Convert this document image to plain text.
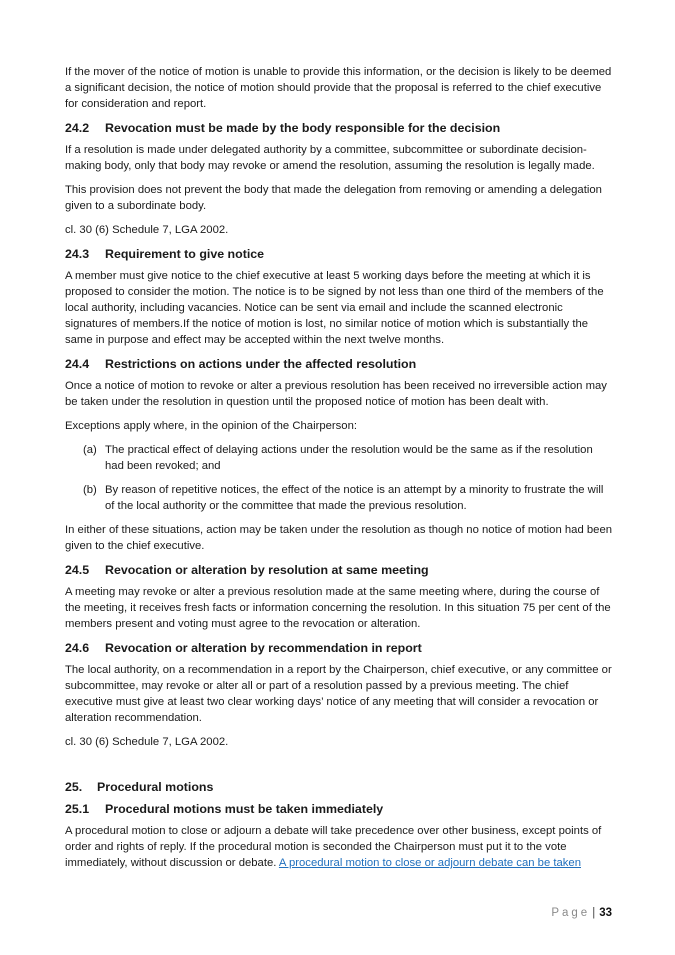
If the mover of the notice of motion is unable to provide this information, or the decision is likely to be deemed a significant decision, the notice of motion should provide that the proposal is referred to the chief executive for consideration and report.

24.2	Revocation must be made by the body responsible for the decision

If a resolution is made under delegated authority by a committee, subcommittee or subordinate decision-making body, only that body may revoke or amend the resolution, assuming the resolution is legally made.

This provision does not prevent the body that made the delegation from removing or amending a delegation given to a subordinate body.

cl. 30 (6) Schedule 7, LGA 2002.

24.3	Requirement to give notice

A member must give notice to the chief executive at least 5 working days before the meeting at which it is proposed to consider the motion. The notice is to be signed by not less than one third of the members of the local authority, including vacancies. Notice can be sent via email and include the scanned electronic signatures of members.If the notice of motion is lost, no similar notice of motion which is substantially the same in purpose and effect may be accepted within the next twelve months.

24.4	Restrictions on actions under the affected resolution

Once a notice of motion to revoke or alter a previous resolution has been received no irreversible action may be taken under the resolution in question until the proposed notice of motion has been dealt with.

Exceptions apply where, in the opinion of the Chairperson:

(a) The practical effect of delaying actions under the resolution would be the same as if the resolution had been revoked; and
(b) By reason of repetitive notices, the effect of the notice is an attempt by a minority to frustrate the will of the local authority or the committee that made the previous resolution.

In either of these situations, action may be taken under the resolution as though no notice of motion had been given to the chief executive.

24.5	Revocation or alteration by resolution at same meeting

A meeting may revoke or alter a previous resolution made at the same meeting where, during the course of the meeting, it receives fresh facts or information concerning the resolution. In this situation 75 per cent of the members present and voting must agree to the revocation or alteration.

24.6	Revocation or alteration by recommendation in report

The local authority, on a recommendation in a report by the Chairperson, chief executive, or any committee or subcommittee, may revoke or alter all or part of a resolution passed by a previous meeting. The chief executive must give at least two clear working days’ notice of any meeting that will consider a revocation or alteration recommendation.

cl. 30 (6) Schedule 7, LGA 2002.

25.	Procedural motions
25.1	Procedural motions must be taken immediately

A procedural motion to close or adjourn a debate will take precedence over other business, except points of order and rights of reply. If the procedural motion is seconded the Chairperson must put it to the vote immediately, without discussion or debate. A procedural motion to close or adjourn debate can be taken

Page | 33
